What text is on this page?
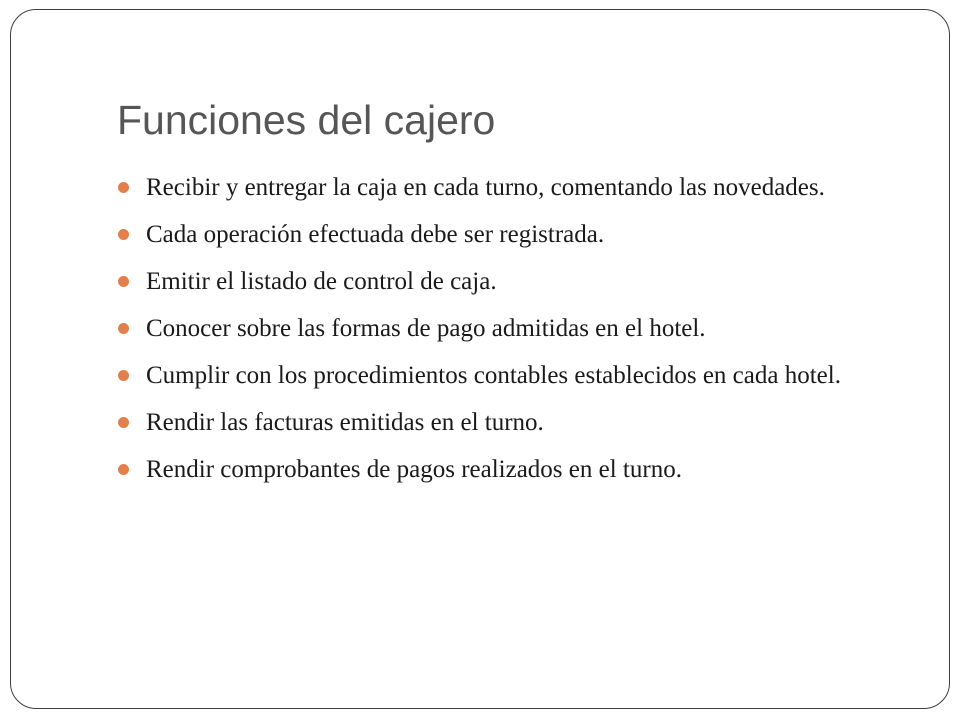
Funciones del cajero
Recibir y entregar la caja en cada turno, comentando las novedades.
Cada operación efectuada debe ser registrada.
Emitir el listado de control de caja.
Conocer sobre las formas de pago admitidas en el hotel.
Cumplir con los procedimientos contables establecidos en cada hotel.
Rendir las facturas emitidas en el turno.
Rendir comprobantes de pagos realizados en el turno.
